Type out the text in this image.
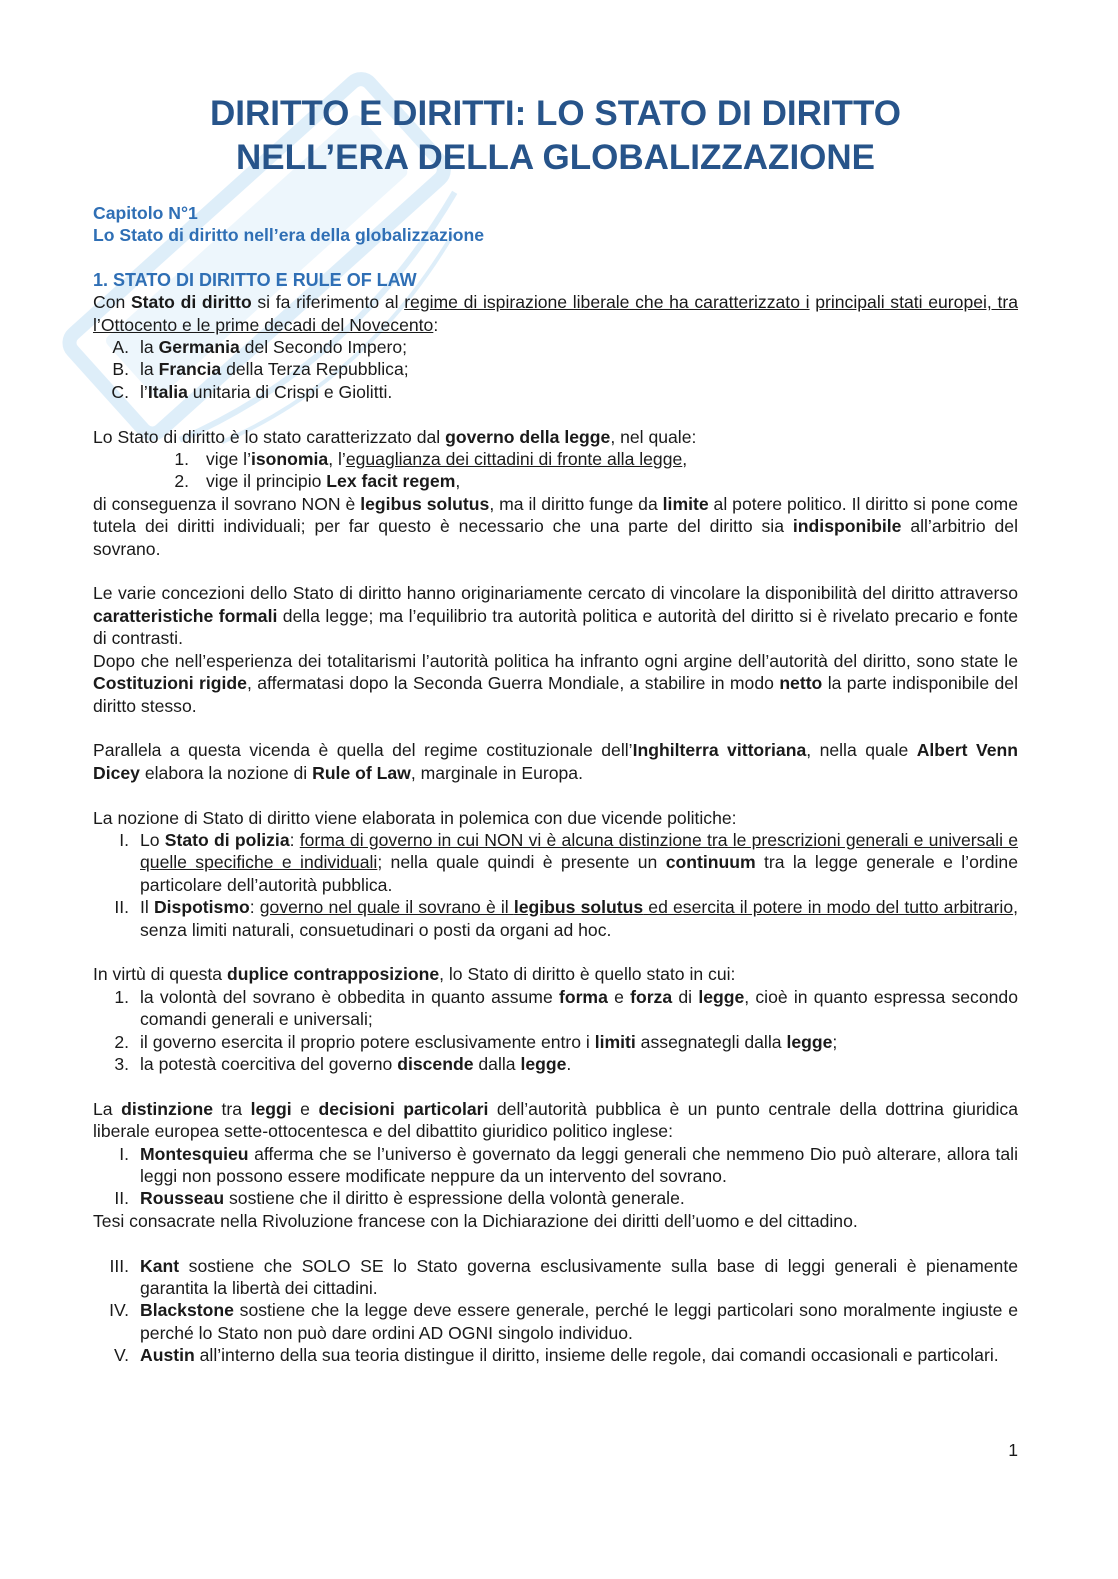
DIRITTO E DIRITTI: LO STATO DI DIRITTO
NELL’ERA DELLA GLOBALIZZAZIONE
Capitolo N°1
Lo Stato di diritto nell’era della globalizzazione
1. STATO DI DIRITTO E RULE OF LAW

Con Stato di diritto si fa riferimento al regime di ispirazione liberale che ha caratterizzato i principali stati europei, tra l’Ottocento e le prime decadi del Novecento:

A. la Germania del Secondo Impero;
B. la Francia della Terza Repubblica;
C. l’Italia unitaria di Crispi e Giolitti.

Lo Stato di diritto è lo stato caratterizzato dal governo della legge, nel quale:

1. vige l’isonomia, l’eguaglianza dei cittadini di fronte alla legge,
2. vige il principio Lex facit regem,

di conseguenza il sovrano NON è legibus solutus, ma il diritto funge da limite al potere politico. Il diritto si pone come tutela dei diritti individuali; per far questo è necessario che una parte del diritto sia indisponibile all’arbitrio del sovrano.

Le varie concezioni dello Stato di diritto hanno originariamente cercato di vincolare la disponibilità del diritto attraverso caratteristiche formali della legge; ma l’equilibrio tra autorità politica e autorità del diritto si è rivelato precario e fonte di contrasti.

Dopo che nell’esperienza dei totalitarismi l’autorità politica ha infranto ogni argine dell’autorità del diritto, sono state le Costituzioni rigide, affermatasi dopo la Seconda Guerra Mondiale, a stabilire in modo netto la parte indisponibile del diritto stesso.

Parallela a questa vicenda è quella del regime costituzionale dell’Inghilterra vittoriana, nella quale Albert Venn Dicey elabora la nozione di Rule of Law, marginale in Europa.

La nozione di Stato di diritto viene elaborata in polemica con due vicende politiche:

I. Lo Stato di polizia: forma di governo in cui NON vi è alcuna distinzione tra le prescrizioni generali e universali e quelle specifiche e individuali; nella quale quindi è presente un continuum tra la legge generale e l’ordine particolare dell’autorità pubblica.
II. Il Dispotismo: governo nel quale il sovrano è il legibus solutus ed esercita il potere in modo del tutto arbitrario, senza limiti naturali, consuetudinari o posti da organi ad hoc.

In virtù di questa duplice contrapposizione, lo Stato di diritto è quello stato in cui:

1. la volontà del sovrano è obbedita in quanto assume forma e forza di legge, cioè in quanto espressa secondo comandi generali e universali;
2. il governo esercita il proprio potere esclusivamente entro i limiti assegnategli dalla legge;
3. la potestà coercitiva del governo discende dalla legge.

La distinzione tra leggi e decisioni particolari dell’autorità pubblica è un punto centrale della dottrina giuridica liberale europea sette-ottocentesca e del dibattito giuridico politico inglese:

I. Montesquieu afferma che se l’universo è governato da leggi generali che nemmeno Dio può alterare, allora tali leggi non possono essere modificate neppure da un intervento del sovrano.
II. Rousseau sostiene che il diritto è espressione della volontà generale.

Tesi consacrate nella Rivoluzione francese con la Dichiarazione dei diritti dell’uomo e del cittadino.

III. Kant sostiene che SOLO SE lo Stato governa esclusivamente sulla base di leggi generali è pienamente garantita la libertà dei cittadini.
IV. Blackstone sostiene che la legge deve essere generale, perché le leggi particolari sono moralmente ingiuste e perché lo Stato non può dare ordini AD OGNI singolo individuo.
V. Austin all’interno della sua teoria distingue il diritto, insieme delle regole, dai comandi occasionali e particolari.
1
